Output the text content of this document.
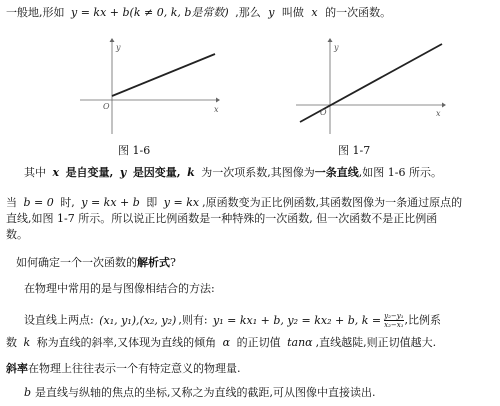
一般地,形如 y = kx + b(k ≠ 0, k, b是常数) ,那么 y 叫做 x 的一次函数。
y
x
O
图 1-6
y
x
O
图 1-7
其中 x 是自变量, y 是因变量, k 为一次项系数,其图像为一条直线,如图 1-6 所示。
当 b = 0 时, y = kx + b 即 y = kx ,原函数变为正比例函数,其函数图像为一条通过原点的
直线,如图 1-7 所示。所以说正比例函数是一种特殊的一次函数, 但一次函数不是正比例函
数。
如何确定一个一次函数的解析式?
在物理中常用的是与图像相结合的方法:
设直线上两点: (x₁, y₁),(x₂, y₂) ,则有: y₁ = kx₁ + b, y₂ = kx₂ + b, $k = \frac{\text{y₂−y₁}}{\text{x₂−x₁}}$ ,比例系
数 k 称为直线的斜率,又体现为直线的倾角 α 的正切值 tanα ,直线越陡,则正切值越大.
斜率在物理上往往表示一个有特定意义的物理量.
b 是直线与纵轴的焦点的坐标,又称之为直线的截距,可从图像中直接读出.
